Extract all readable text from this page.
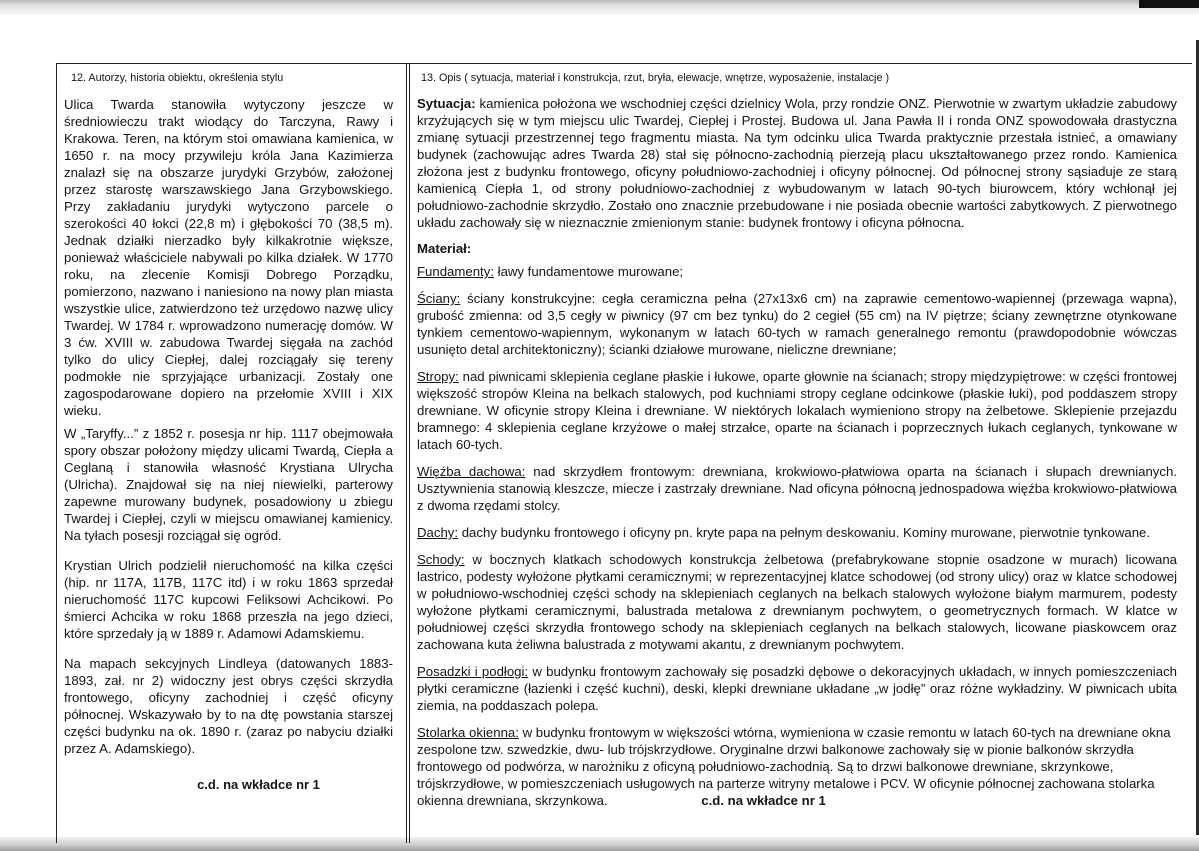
12. Autorzy, historia obiektu, określenia stylu	13. Opis ( sytuacja, materiał i konstrukcja, rzut, bryła, elewacje, wnętrze, wyposażenie, instalacje )

Ulica Twarda stanowiła wytyczony jeszcze w średniowieczu trakt wiodący do Tarczyna, Rawy i Krakowa. Teren, na którym stoi omawiana kamienica, w 1650 r. na mocy przywileju króla Jana Kazimierza znalazł się na obszarze jurydyki Grzybów, założonej przez starostę warszawskiego Jana Grzybowskiego. Przy zakładaniu jurydyki wytyczono parcele o szerokości 40 łokci (22,8 m) i głębokości 70 (38,5 m). Jednak działki nierzadko były kilkakrotnie większe, ponieważ właściciele nabywali po kilka działek. W 1770 roku, na zlecenie Komisji Dobrego Porządku, pomierzono, nazwano i naniesiono na nowy plan miasta wszystkie ulice, zatwierdzono też urzędowo nazwę ulicy Twardej. W 1784 r. wprowadzono numerację domów. W 3 ćw. XVIII w. zabudowa Twardej sięgała na zachód tylko do ulicy Ciepłej, dalej rozciągały się tereny podmokłe nie sprzyjające urbanizacji. Zostały one zagospodarowane dopiero na przełomie XVIII i XIX wieku.

W „Taryffy...” z 1852 r. posesja nr hip. 1117 obejmowała spory obszar położony między ulicami Twardą, Ciepła a Ceglaną i stanowiła własność Krystiana Ulrycha (Ulricha). Znajdował się na niej niewielki, parterowy zapewne murowany budynek, posadowiony u zbiegu Twardej i Ciepłej, czyli w miejscu omawianej kamienicy. Na tyłach posesji rozciągał się ogród.

Krystian Ulrich podzielił nieruchomość na kilka części (hip. nr 117A, 117B, 117C itd) i w roku 1863 sprzedał nieruchomość 117C kupcowi Feliksowi Achcikowi. Po śmierci Achcika w roku 1868 przeszła na jego dzieci, które sprzedały ją w 1889 r. Adamowi Adamskiemu.

Na mapach sekcyjnych Lindleya (datowanych 1883-1893, zał. nr 2) widoczny jest obrys części skrzydła frontowego, oficyny zachodniej i część oficyny północnej. Wskazywało by to na dtę powstania starszej części budynku na ok. 1890 r. (zaraz po nabyciu działki przez A. Adamskiego).

c.d. na wkładce nr 1

Sytuacja: kamienica położona we wschodniej części dzielnicy Wola, przy rondzie ONZ. Pierwotnie w zwartym układzie zabudowy krzyżujących się w tym miejscu ulic Twardej, Ciepłej i Prostej. Budowa ul. Jana Pawła II i ronda ONZ spowodowała drastyczna zmianę sytuacji przestrzennej tego fragmentu miasta. Na tym odcinku ulica Twarda praktycznie przestała istnieć, a omawiany budynek (zachowując adres Twarda 28) stał się północno-zachodnią pierzeją placu ukształtowanego przez rondo. Kamienica złożona jest z budynku frontowego, oficyny południowo-zachodniej i oficyny północnej. Od północnej strony sąsiaduje ze starą kamienicą Ciepła 1, od strony południowo-zachodniej z wybudowanym w latach 90-tych biurowcem, który wchłonął jej południowo-zachodnie skrzydło. Zostało ono znacznie przebudowane i nie posiada obecnie wartości zabytkowych. Z pierwotnego układu zachowały się w nieznacznie zmienionym stanie: budynek frontowy i oficyna północna.

Materiał:

Fundamenty: ławy fundamentowe murowane;

Ściany: ściany konstrukcyjne: cegła ceramiczna pełna (27x13x6 cm) na zaprawie cementowo-wapiennej (przewaga wapna), grubość zmienna: od 3,5 cegły w piwnicy (97 cm bez tynku) do 2 cegieł (55 cm) na IV piętrze; ściany zewnętrzne otynkowane tynkiem cementowo-wapiennym, wykonanym w latach 60-tych w ramach generalnego remontu (prawdopodobnie wówczas usunięto detal architektoniczny); ścianki działowe murowane, nieliczne drewniane;

Stropy: nad piwnicami sklepienia ceglane płaskie i łukowe, oparte głownie na ścianach; stropy międzypiętrowe: w części frontowej większość stropów Kleina na belkach stalowych, pod kuchniami stropy ceglane odcinkowe (płaskie łuki), pod poddaszem stropy drewniane. W oficynie stropy Kleina i drewniane. W niektórych lokalach wymieniono stropy na żelbetowe. Sklepienie przejazdu bramnego: 4 sklepienia ceglane krzyżowe o małej strzałce, oparte na ścianach i poprzecznych łukach ceglanych, tynkowane w latach 60-tych.

Więźba dachowa: nad skrzydłem frontowym: drewniana, krokwiowo-płatwiowa oparta na ścianach i słupach drewnianych. Usztywnienia stanowią kleszcze, miecze i zastrzały drewniane. Nad oficyna północną jednospadowa więźba krokwiowo-płatwiowa z dwoma rzędami stolcy.

Dachy: dachy budynku frontowego i oficyny pn. kryte papa na pełnym deskowaniu. Kominy murowane, pierwotnie tynkowane.

Schody: w bocznych klatkach schodowych konstrukcja żelbetowa (prefabrykowane stopnie osadzone w murach) licowana lastrico, podesty wyłożone płytkami ceramicznymi; w reprezentacyjnej klatce schodowej (od strony ulicy) oraz w klatce schodowej w południowo-wschodniej części schody na sklepieniach ceglanych na belkach stalowych wyłożone białym marmurem, podesty wyłożone płytkami ceramicznymi, balustrada metalowa z drewnianym pochwytem, o geometrycznych formach. W klatce w południowej części skrzydła frontowego schody na sklepieniach ceglanych na belkach stalowych, licowane piaskowcem oraz zachowana kuta żeliwna balustrada z motywami akantu, z drewnianym pochwytem.

Posadzki i podłogi: w budynku frontowym zachowały się posadzki dębowe o dekoracyjnych układach, w innych pomieszczeniach płytki ceramiczne (łazienki i część kuchni), deski, klepki drewniane układane „w jodłę” oraz różne wykładziny. W piwnicach ubita ziemia, na poddaszach polepa.

Stolarka okienna: w budynku frontowym w większości wtórna, wymieniona w czasie remontu w latach 60-tych na drewniane okna zespolone tzw. szwedzkie, dwu- lub trójskrzydłowe. Oryginalne drzwi balkonowe zachowały się w pionie balkonów skrzydła frontowego od podwórza, w narożniku z oficyną południowo-zachodnią. Są to drzwi balkonowe drewniane, skrzynkowe, trójskrzydłowe, w pomieszczeniach usługowych na parterze witryny metalowe i PCV. W oficynie północnej zachowana stolarka okienna drewniana, skrzynkowa.	c.d. na wkładce nr 1
